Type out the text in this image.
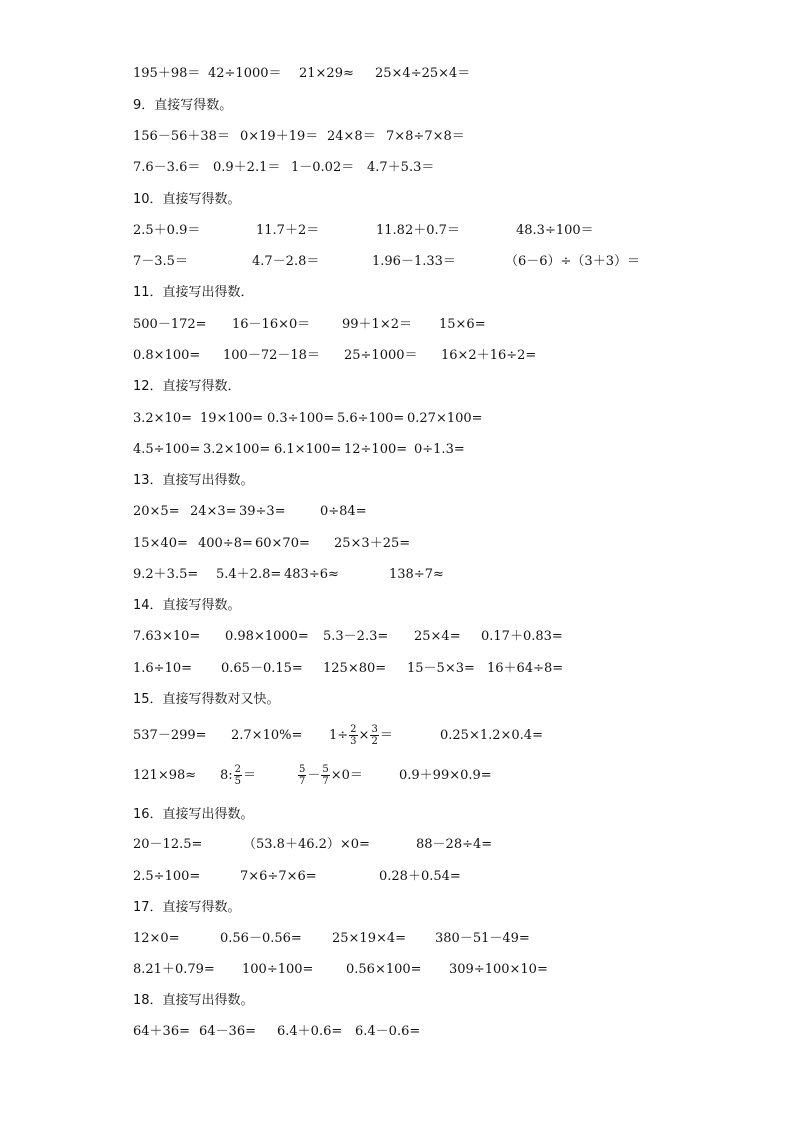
195＋98＝ 42÷1000＝ 21×29≈ 25×4÷25×4＝
9．直接写得数。
156－56＋38＝ 0×19＋19＝ 24×8＝ 7×8÷7×8＝
7.6－3.6＝ 0.9＋2.1＝ 1－0.02＝ 4.7＋5.3＝
10．直接写得数。
2.5＋0.9＝	11.7＋2＝	11.82＋0.7＝	48.3÷100＝
7－3.5＝	4.7－2.8＝	1.96－1.33＝	（6－6）÷（3＋3）＝
11．直接写出得数．
500－172= 16－16×0＝ 99＋1×2＝ 15×6=
0.8×100= 100－72－18＝ 25÷1000＝ 16×2＋16÷2=
12．直接写得数．
3.2×10= 19×100= 0.3÷100= 5.6÷100= 0.27×100=
4.5÷100= 3.2×100= 6.1×100= 12÷100= 0÷1.3=
13．直接写出得数。
20×5= 24×3= 39÷3=	0÷84=
15×40= 400÷8= 60×70= 25×3＋25=
9.2＋3.5= 5.4＋2.8= 483÷6≈	138÷7≈
14．直接写得数。
7.63×10= 0.98×1000= 5.3－2.3= 25×4= 0.17＋0.83=
1.6÷10= 0.65－0.15= 125×80= 15－5×3= 16＋64÷8=
15．直接写得数对又快。
$537-299= 2.7\times 10\%= 1\div \frac{2}{3} \times \frac{3}{2}$ ＝	0.25×1.2×0.4=
121×98≈ 8: $\frac{2}{5}$ ＝	$\frac{5}{7} - \frac{5}{7} \times 0=$	0.9＋99×0.9=
16．直接写出得数。
20－12.5=	（53.8＋46.2）×0=	88－28÷4=
2.5÷100=	7×6÷7×6=	0.28＋0.54=
17．直接写得数。
12×0=	0.56－0.56= 25×19×4= 380－51－49=
8.21＋0.79= 100÷100=	0.56×100= 309÷100×10=
18．直接写出得数。
64＋36= 64－36= 6.4＋0.6= 6.4－0.6=
